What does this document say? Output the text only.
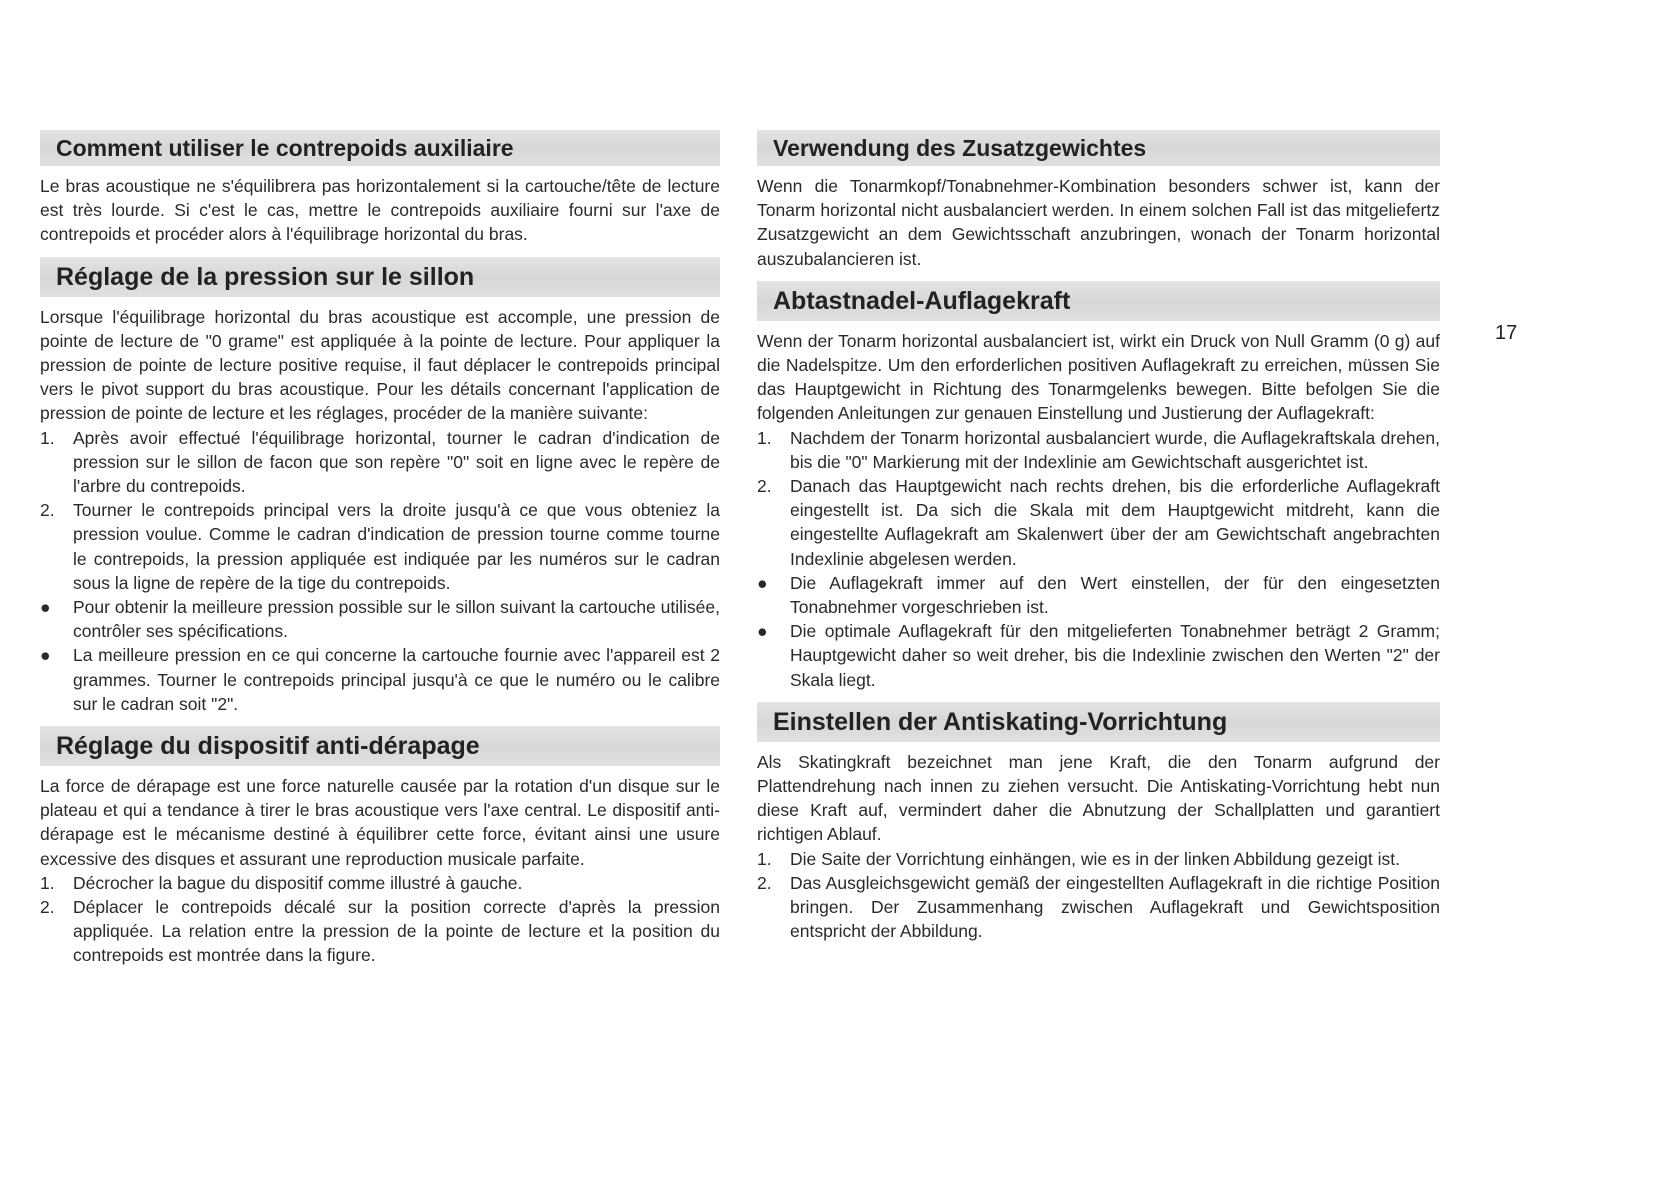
17
Comment utiliser le contrepoids auxiliaire

Le bras acoustique ne s'équilibrera pas horizontalement si la cartouche/tête de lecture est très lourde. Si c'est le cas, mettre le contrepoids auxiliaire fourni sur l'axe de contrepoids et procéder alors à l'équilibrage horizontal du bras.

Réglage de la pression sur le sillon

Lorsque l'équilibrage horizontal du bras acoustique est accomple, une pression de pointe de lecture de "0 grame" est appliquée à la pointe de lecture. Pour appliquer la pression de pointe de lecture positive requise, il faut déplacer le contrepoids principal vers le pivot support du bras acoustique. Pour les détails concernant l'application de pression de pointe de lecture et les réglages, procéder de la manière suivante:

1.	Après avoir effectué l'équilibrage horizontal, tourner le cadran d'indication de pression sur le sillon de facon que son repère "0" soit en ligne avec le repère de l'arbre du contrepoids.
2.	Tourner le contrepoids principal vers la droite jusqu'à ce que vous obteniez la pression voulue. Comme le cadran d'indication de pression tourne comme tourne le contrepoids, la pression appliquée est indiquée par les numéros sur le cadran sous la ligne de repère de la tige du contrepoids.
●	Pour obtenir la meilleure pression possible sur le sillon suivant la cartouche utilisée, contrôler ses spécifications.
●	La meilleure pression en ce qui concerne la cartouche fournie avec l'appareil est 2 grammes. Tourner le contrepoids principal jusqu'à ce que le numéro ou le calibre sur le cadran soit "2".
Réglage du dispositif anti-dérapage

La force de dérapage est une force naturelle causée par la rotation d'un disque sur le plateau et qui a tendance à tirer le bras acoustique vers l'axe central. Le dispositif anti-dérapage est le mécanisme destiné à équilibrer cette force, évitant ainsi une usure excessive des disques et assurant une reproduction musicale parfaite.

1.	Décrocher la bague du dispositif comme illustré à gauche.
2.	Déplacer le contrepoids décalé sur la position correcte d'après la pression appliquée. La relation entre la pression de la pointe de lecture et la position du contrepoids est montrée dans la figure.
Verwendung des Zusatzgewichtes

Wenn die Tonarmkopf/Tonabnehmer-Kombination besonders schwer ist, kann der Tonarm horizontal nicht ausbalanciert werden. In einem solchen Fall ist das mitgeliefertz Zusatzgewicht an dem Gewichtsschaft anzubringen, wonach der Tonarm horizontal auszubalancieren ist.

Abtastnadel-Auflagekraft

Wenn der Tonarm horizontal ausbalanciert ist, wirkt ein Druck von Null Gramm (0 g) auf die Nadelspitze. Um den erforderlichen positiven Auflagekraft zu erreichen, müssen Sie das Hauptgewicht in Richtung des Tonarmgelenks bewegen. Bitte befolgen Sie die folgenden Anleitungen zur genauen Einstellung und Justierung der Auflagekraft:

1.	Nachdem der Tonarm horizontal ausbalanciert wurde, die Auflagekraftskala drehen, bis die "0" Markierung mit der Indexlinie am Gewichtschaft ausgerichtet ist.
2.	Danach das Hauptgewicht nach rechts drehen, bis die erforderliche Auflagekraft eingestellt ist. Da sich die Skala mit dem Hauptgewicht mitdreht, kann die eingestellte Auflagekraft am Skalenwert über der am Gewichtschaft angebrachten Indexlinie abgelesen werden.
●	Die Auflagekraft immer auf den Wert einstellen, der für den eingesetzten Tonabnehmer vorgeschrieben ist.
●	Die optimale Auflagekraft für den mitgelieferten Tonabnehmer beträgt 2 Gramm; Hauptgewicht daher so weit dreher, bis die Indexlinie zwischen den Werten "2" der Skala liegt.
Einstellen der Antiskating-Vorrichtung

Als Skatingkraft bezeichnet man jene Kraft, die den Tonarm aufgrund der Plattendrehung nach innen zu ziehen versucht. Die Antiskating-Vorrichtung hebt nun diese Kraft auf, vermindert daher die Abnutzung der Schallplatten und garantiert richtigen Ablauf.

1.	Die Saite der Vorrichtung einhängen, wie es in der linken Abbildung gezeigt ist.
2.	Das Ausgleichsgewicht gemäß der eingestellten Auflagekraft in die richtige Position bringen. Der Zusammenhang zwischen Auflagekraft und Gewichtsposition entspricht der Abbildung.
